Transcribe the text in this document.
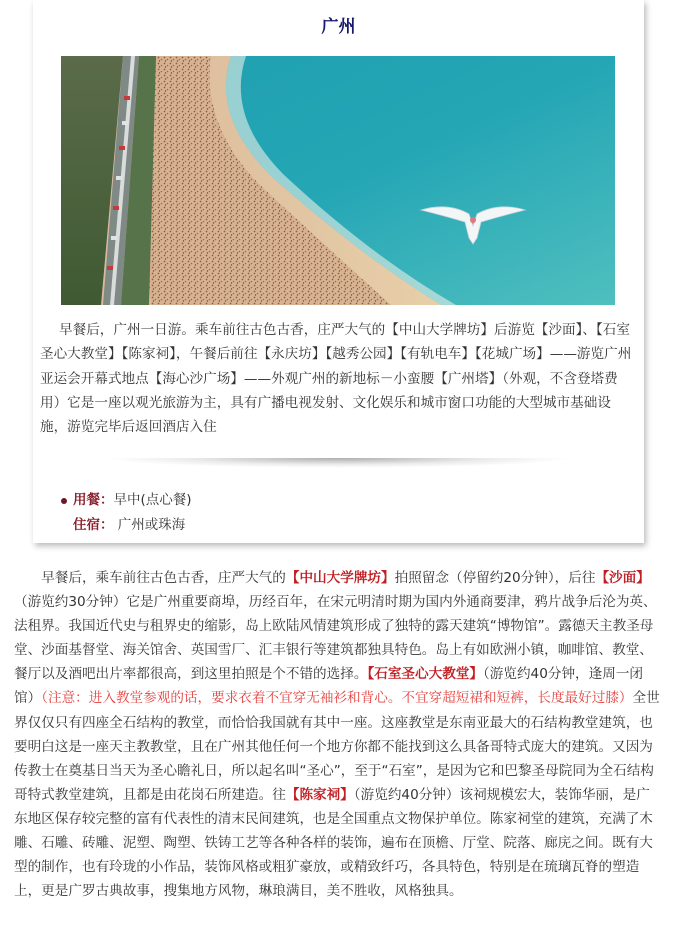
广州

早餐后，广州一日游。乘车前往古色古香，庄严大气的【中山大学牌坊】后游览【沙面】、【石室圣心大教堂】【陈家祠】，午餐后前往【永庆坊】【越秀公园】【有轨电车】【花城广场】——游览广州亚运会开幕式地点【海心沙广场】——外观广州的新地标－小蛮腰【广州塔】（外观，不含登塔费用）它是一座以观光旅游为主，具有广播电视发射、文化娱乐和城市窗口功能的大型城市基础设施，游览完毕后返回酒店入住

用餐：早中(点心餐)
住宿： 广州或珠海

早餐后，乘车前往古色古香，庄严大气的【中山大学牌坊】拍照留念（停留约20分钟），后往【沙面】（游览约30分钟）它是广州重要商埠，历经百年，在宋元明清时期为国内外通商要津，鸦片战争后沦为英、法租界。我国近代史与租界史的缩影，岛上欧陆风情建筑形成了独特的露天建筑“博物馆”。露德天主教圣母堂、沙面基督堂、海关馆舍、英国雪厂、汇丰银行等建筑都独具特色。岛上有如欧洲小镇，咖啡馆、教堂、餐厅以及酒吧出片率都很高，到这里拍照是个不错的选择。【石室圣心大教堂】（游览约40分钟，逢周一闭馆）（注意：进入教堂参观的话，要求衣着不宜穿无袖衫和背心。不宜穿超短裙和短裤，长度最好过膝）全世界仅仅只有四座全石结构的教堂，而恰恰我国就有其中一座。这座教堂是东南亚最大的石结构教堂建筑，也要明白这是一座天主教教堂，且在广州其他任何一个地方你都不能找到这么具备哥特式庞大的建筑。又因为传教士在奠基日当天为圣心瞻礼日，所以起名叫“圣心”，至于“石室”，是因为它和巴黎圣母院同为全石结构哥特式教堂建筑，且都是由花岗石所建造。往【陈家祠】（游览约40分钟）该祠规模宏大，装饰华丽，是广东地区保存较完整的富有代表性的清末民间建筑，也是全国重点文物保护单位。陈家祠堂的建筑，充满了木雕、石雕、砖雕、泥塑、陶塑、铁铸工艺等各种各样的装饰，遍布在顶檐、厅堂、院落、廊庑之间。既有大型的制作，也有玲珑的小作品，装饰风格或粗犷豪放，或精致纤巧，各具特色，特别是在琉璃瓦脊的塑造上，更是广罗古典故事，搜集地方风物，琳琅满目，美不胜收，风格独具。
